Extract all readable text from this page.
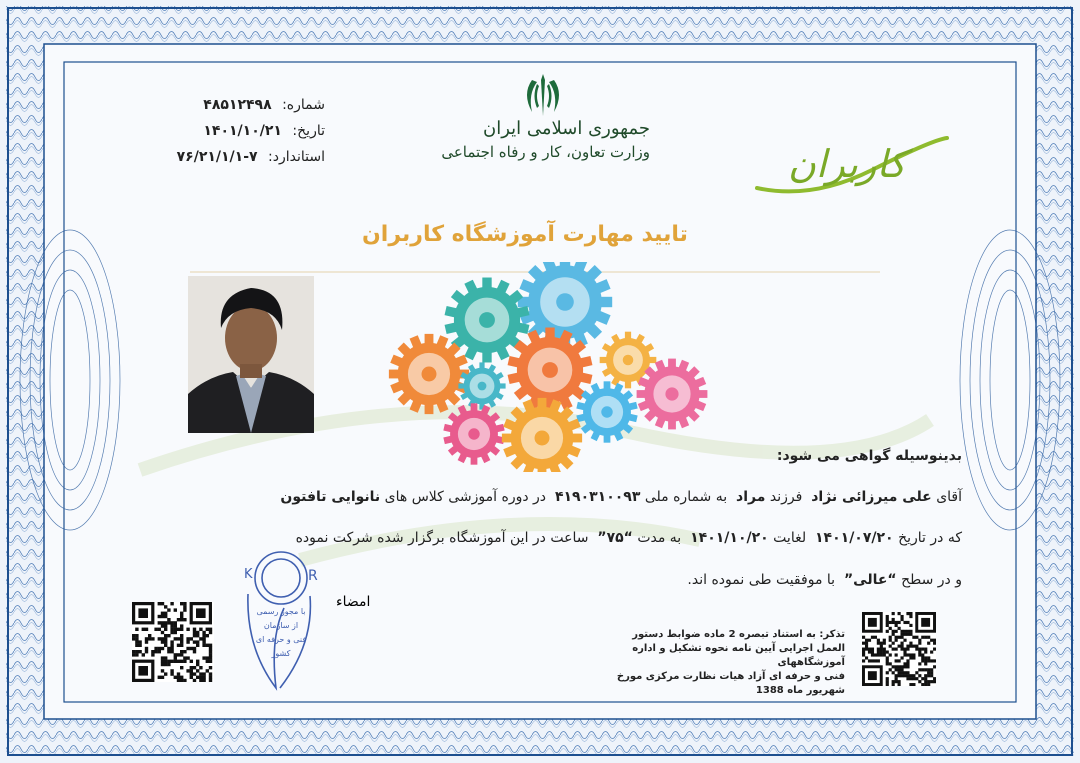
شماره: ۴۸۵۱۲۴۹۸
تاریخ: ۱۴۰۱/۱۰/۲۱
استاندارد: ۷-۷۶/۲۱/۱/۱
جمهوری اسلامی ایران
وزارت تعاون، کار و رفاه اجتماعی	کاربران
تایید مهارت آموزشگاه کاربران
بدینوسیله گواهی می شود:
آقای علی میرزائی نژاد  فرزند مراد  به شماره ملی ۴۱۹۰۳۱۰۰۹۳  در دوره آموزشی کلاس های نانوایی تافتون
که در تاریخ ۱۴۰۱/۰۷/۲۰  لغایت ۱۴۰۱/۱۰/۲۰  به مدت “۷۵”  ساعت در این آموزشگاه برگزار شده شرکت نموده
و در سطح “عالی”  با موفقیت طی نموده اند.
امضاء
R
K
با مجوز رسمی
از سازمان
فنی و حرفه ای
کشور
تذکر: به استناد تبصره 2 ماده ضوابط دستور
العمل اجرایی آیین نامه نحوه تشکیل و اداره آموزشگاههای
فنی و حرفه ای آزاد هیات نظارت مرکزی مورخ شهریور ماه 1388
